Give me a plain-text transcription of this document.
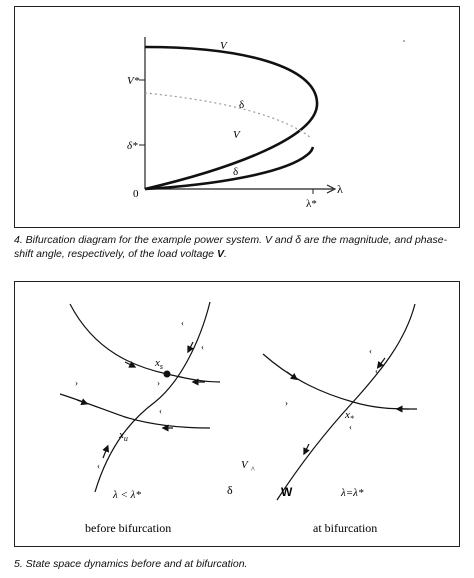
V
δ
V
δ
V*
δ*
0	λ
λ*
4. Bifurcation diagram for the example power system. V and δ are the magnitude, and phase-shift angle, respectively, of the load voltage V.
‹
‹
›
‹
‹
›
$x_s$
$x_u$
λ < λ*
V ^
δ
‹
‹
›
‹
$x_*$
W	λ=λ*
before bifurcation	at bifurcation
5. State space dynamics before and at bifurcation.
